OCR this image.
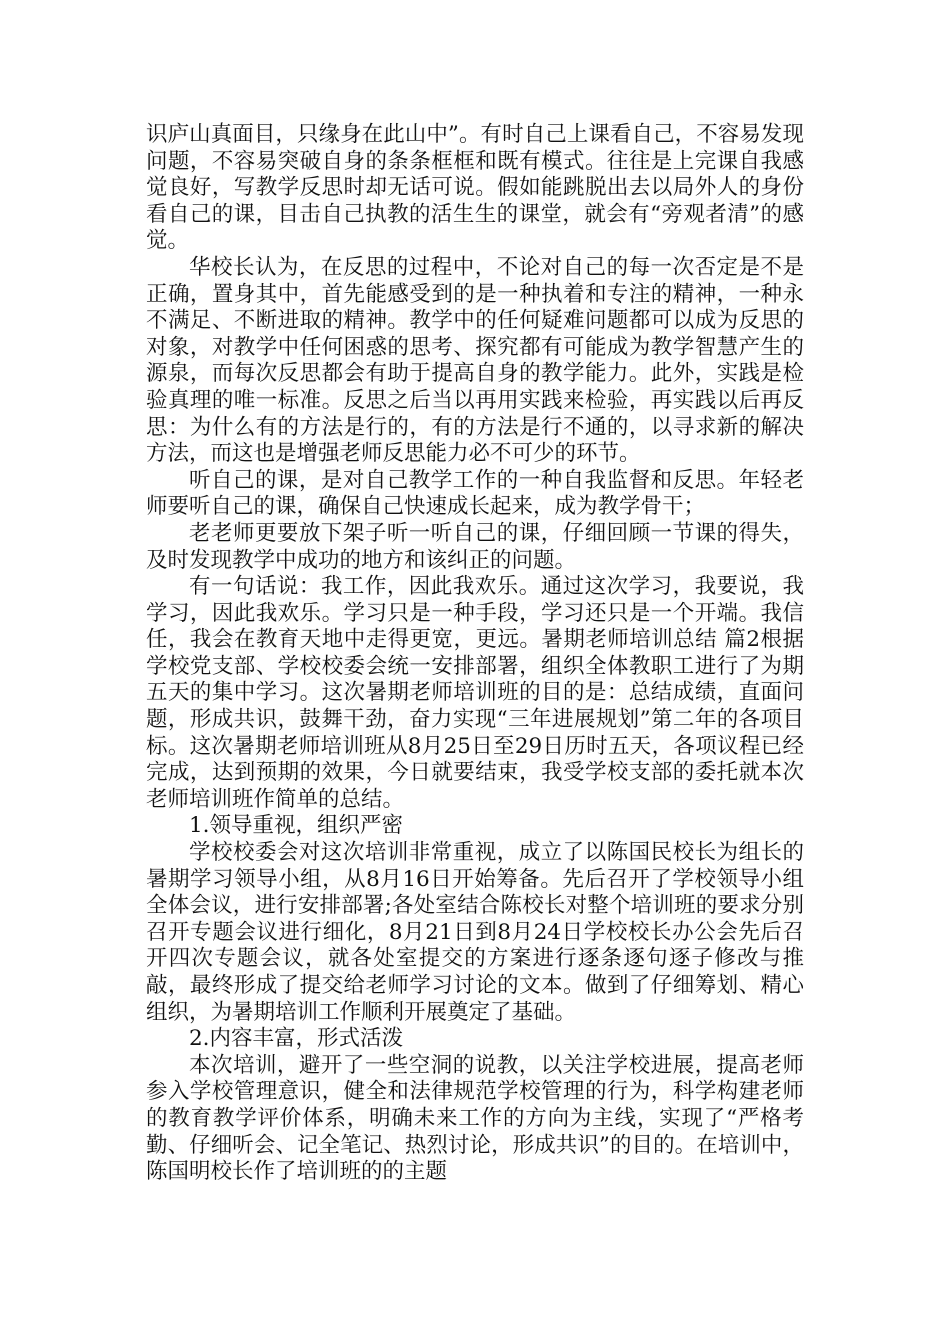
识庐山真面目，只缘身在此山中”。有时自己上课看自己，不容易发现问题，不容易突破自身的条条框框和既有模式。往往是上完课自我感觉良好，写教学反思时却无话可说。假如能跳脱出去以局外人的身份看自己的课，目击自己执教的活生生的课堂，就会有“旁观者清”的感觉。

华校长认为，在反思的过程中，不论对自己的每一次否定是不是正确，置身其中，首先能感受到的是一种执着和专注的精神，一种永不满足、不断进取的精神。教学中的任何疑难问题都可以成为反思的对象，对教学中任何困惑的思考、探究都有可能成为教学智慧产生的源泉，而每次反思都会有助于提高自身的教学能力。此外，实践是检验真理的唯一标准。反思之后当以再用实践来检验，再实践以后再反思：为什么有的方法是行的，有的方法是行不通的，以寻求新的解决方法，而这也是增强老师反思能力必不可少的环节。

听自己的课，是对自己教学工作的一种自我监督和反思。年轻老师要听自己的课，确保自己快速成长起来，成为教学骨干；

老老师更要放下架子听一听自己的课，仔细回顾一节课的得失，及时发现教学中成功的地方和该纠正的问题。

有一句话说：我工作，因此我欢乐。通过这次学习，我要说，我学习，因此我欢乐。学习只是一种手段，学习还只是一个开端。我信任，我会在教育天地中走得更宽，更远。暑期老师培训总结 篇2根据学校党支部、学校校委会统一安排部署，组织全体教职工进行了为期五天的集中学习。这次暑期老师培训班的目的是：总结成绩，直面问题，形成共识，鼓舞干劲，奋力实现“三年进展规划”第二年的各项目标。这次暑期老师培训班从8月25日至29日历时五天，各项议程已经完成，达到预期的效果，今日就要结束，我受学校支部的委托就本次老师培训班作简单的总结。

1.领导重视，组织严密

学校校委会对这次培训非常重视，成立了以陈国民校长为组长的暑期学习领导小组，从8月16日开始筹备。先后召开了学校领导小组全体会议，进行安排部署;各处室结合陈校长对整个培训班的要求分别召开专题会议进行细化，8月21日到8月24日学校校长办公会先后召开四次专题会议，就各处室提交的方案进行逐条逐句逐子修改与推敲，最终形成了提交给老师学习讨论的文本。做到了仔细筹划、精心组织，为暑期培训工作顺利开展奠定了基础。

2.内容丰富，形式活泼

本次培训，避开了一些空洞的说教，以关注学校进展，提高老师参入学校管理意识，健全和法律规范学校管理的行为，科学构建老师的教育教学评价体系，明确未来工作的方向为主线，实现了“严格考勤、仔细听会、记全笔记、热烈讨论，形成共识”的目的。在培训中，陈国明校长作了培训班的的主题
